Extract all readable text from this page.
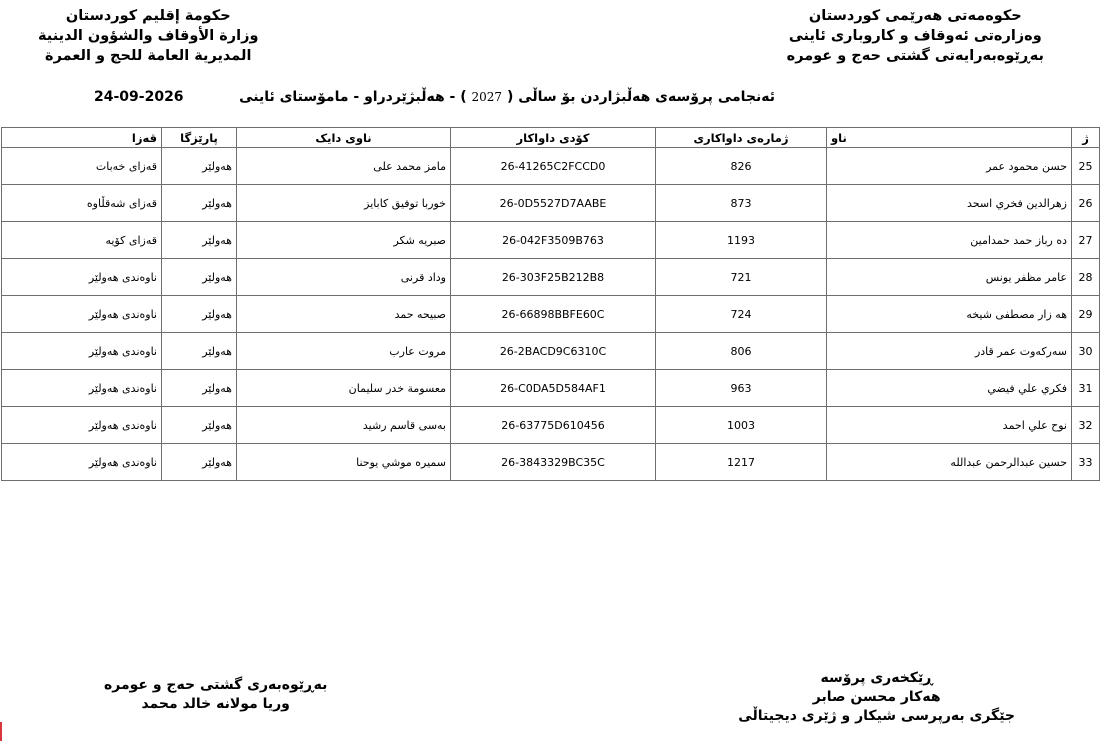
حکوەمەتی هەرێمی کوردستان
وەزارەتی ئەوقاف و کاروباری ئاینی
بەڕێوەبەرایەتی گشتی حەج و عومرە
حكومة إقليم كوردستان
وزارة الأوقاف والشؤون الدينية
المديرية العامة للحج و العمرة
ئەنجامی پرۆسەی هەڵبژاردن بۆ ساڵی ( 2027 ) - هەڵبژێردراو - مامۆستای ئاینی
24-09-2026
ژ	ناو	ژمارەی داواکاری	کۆدی داواکار	ناوی دایک	پارێزگا	قەزا
25	حسن محمود عمر	826	26-41265C2FCCD0	مامز محمد على	هەولێر	قەزای خەبات
26	زهرالدين فخري اسحد	873	26-0D5527D7AABE	خوربا توفيق كابايز	هەولێر	قەزای شەقڵاوە
27	ده رباز حمد حمدامين	1193	26-042F3509B763	صبريه شكر	هەولێر	قەزای کۆیە
28	عامر مظفر يونس	721	26-303F25B212B8	وداد قرنى	هەولێر	ناوەندی هەولێر
29	هه زار مصطفى شيخه	724	26-66898BBFE60C	صبيحه حمد	هەولێر	ناوەندی هەولێر
30	سەرکەوت عمر قادر	806	26-2BACD9C6310C	مروت عارب	هەولێر	ناوەندی هەولێر
31	فكري علي فيضي	963	26-C0DA5D584AF1	معسومة خدر سليمان	هەولێر	ناوەندی هەولێر
32	نوح علي احمد	1003	26-63775D610456	بەسی قاسم رشید	هەولێر	ناوەندی هەولێر
33	حسين عبدالرحمن عبدالله	1217	26-3843329BC35C	سميره موشي يوحنا	هەولێر	ناوەندی هەولێر
ڕێکخەری پرۆسە
هەکار محسن صابر
جێگری بەرپرسی شیکار و ژێری دیجیتاڵی
بەڕێوەبەری گشتی حەج و عومرە
وريا مولانه خالد محمد
